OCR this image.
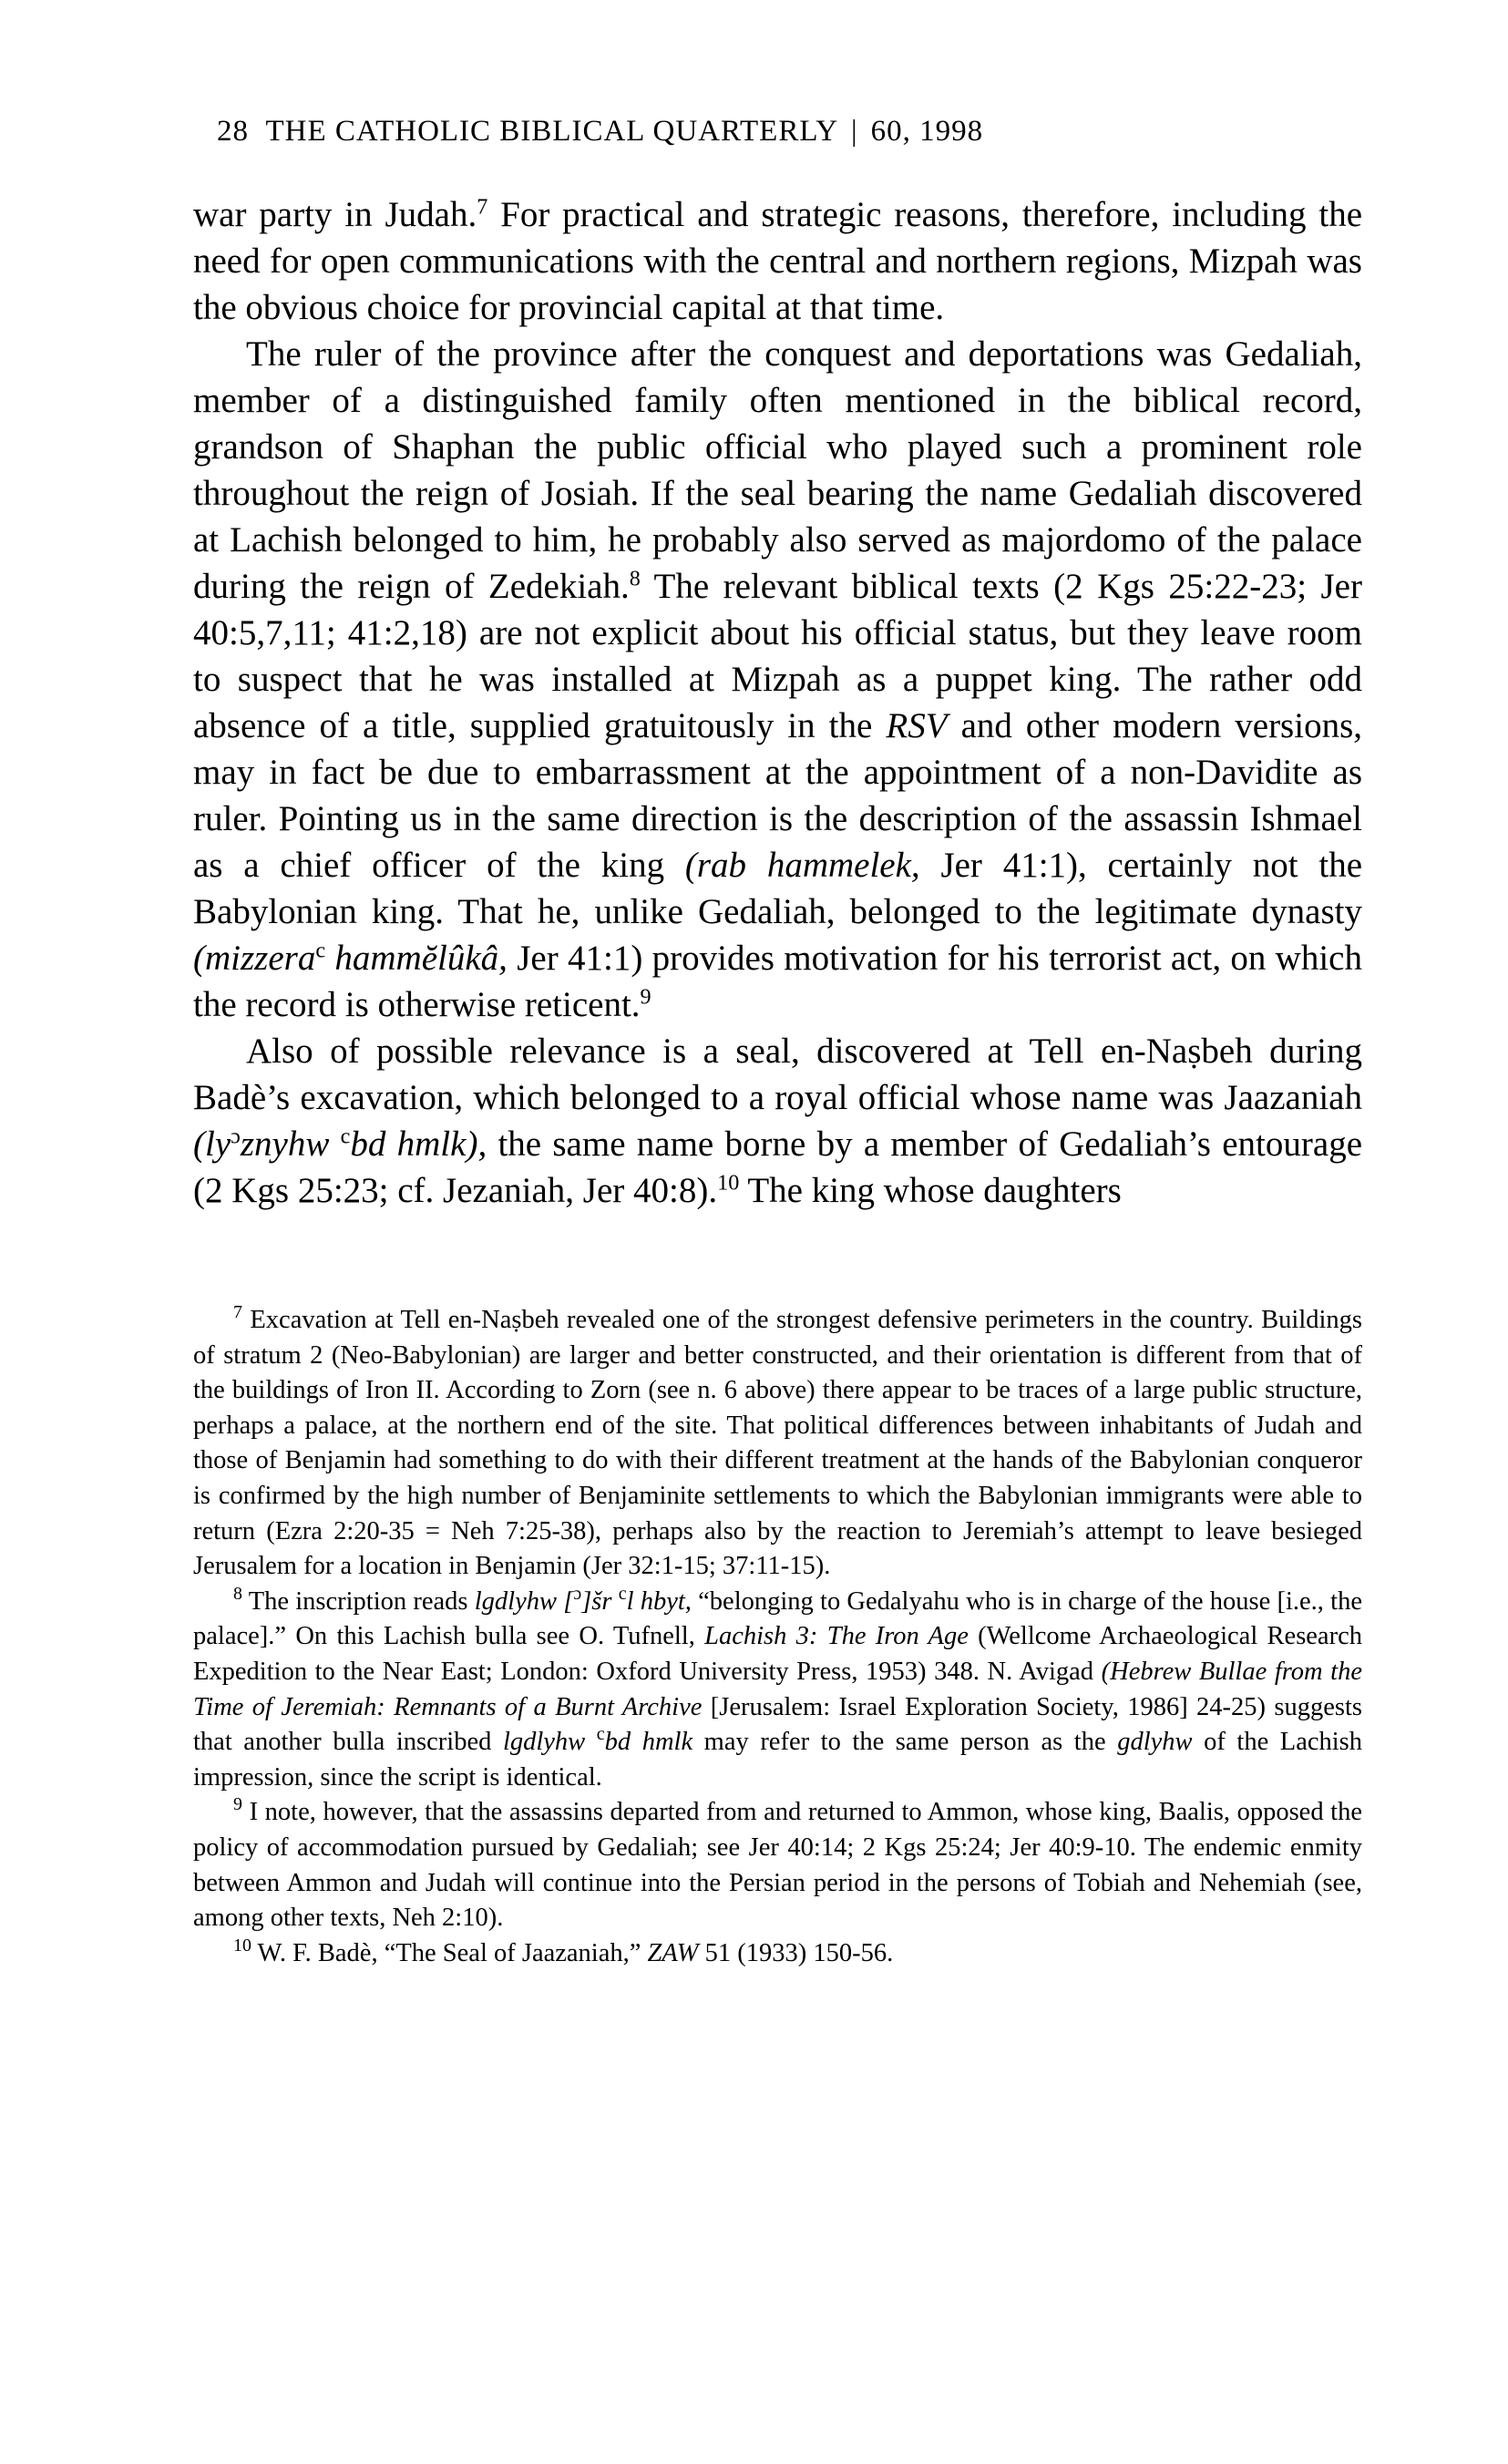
28 THE CATHOLIC BIBLICAL QUARTERLY | 60, 1998

war party in Judah.$^7$ For practical and strategic reasons, therefore, including the need for open communications with the central and northern regions, Mizpah was the obvious choice for provincial capital at that time.

The ruler of the province after the conquest and deportations was Gedaliah, member of a distinguished family often mentioned in the biblical record, grandson of Shaphan the public official who played such a prominent role throughout the reign of Josiah. If the seal bearing the name Gedaliah discovered at Lachish belonged to him, he probably also served as majordomo of the palace during the reign of Zedekiah.$^8$ The relevant biblical texts (2 Kgs 25:22-23; Jer 40:5,7,11; 41:2,18) are not explicit about his official status, but they leave room to suspect that he was installed at Mizpah as a puppet king. The rather odd absence of a title, supplied gratuitously in the RSV and other modern versions, may in fact be due to embarrassment at the appointment of a non-Davidite as ruler. Pointing us in the same direction is the description of the assassin Ishmael as a chief officer of the king (rab hammelek, Jer 41:1), certainly not the Babylonian king. That he, unlike Gedaliah, belonged to the legitimate dynasty (mizzera$^c$ hammĕlûkâ, Jer 41:1) provides motivation for his terrorist act, on which the record is otherwise reticent.$^9$

Also of possible relevance is a seal, discovered at Tell en-Naṣbeh during Badè’s excavation, which belonged to a royal official whose name was Jaazaniah ($ly^ɔznyhw$ $^c$bd hmlk), the same name borne by a member of Gedaliah’s entourage (2 Kgs 25:23; cf. Jezaniah, Jer 40:8).$^{10}$ The king whose daughters

$^7$ Excavation at Tell en-Naṣbeh revealed one of the strongest defensive perimeters in the country. Buildings of stratum 2 (Neo-Babylonian) are larger and better constructed, and their orientation is different from that of the buildings of Iron II. According to Zorn (see n. 6 above) there appear to be traces of a large public structure, perhaps a palace, at the northern end of the site. That political differences between inhabitants of Judah and those of Benjamin had something to do with their different treatment at the hands of the Babylonian conqueror is confirmed by the high number of Benjaminite settlements to which the Babylonian immigrants were able to return (Ezra 2:20-35 = Neh 7:25-38), perhaps also by the reaction to Jeremiah’s attempt to leave besieged Jerusalem for a location in Benjamin (Jer 32:1-15; 37:11-15).

$^8$ The inscription reads lgdlyhw [$^ɔ$]šr $^c$l hbyt, “belonging to Gedalyahu who is in charge of the house [i.e., the palace].” On this Lachish bulla see O. Tufnell, Lachish 3: The Iron Age (Wellcome Archaeological Research Expedition to the Near East; London: Oxford University Press, 1953) 348. N. Avigad (Hebrew Bullae from the Time of Jeremiah: Remnants of a Burnt Archive [Jerusalem: Israel Exploration Society, 1986] 24-25) suggests that another bulla inscribed lgdlyhw $^c$bd hmlk may refer to the same person as the gdlyhw of the Lachish impression, since the script is identical.

$^9$ I note, however, that the assassins departed from and returned to Ammon, whose king, Baalis, opposed the policy of accommodation pursued by Gedaliah; see Jer 40:14; 2 Kgs 25:24; Jer 40:9-10. The endemic enmity between Ammon and Judah will continue into the Persian period in the persons of Tobiah and Nehemiah (see, among other texts, Neh 2:10).

$^{10}$ W. F. Badè, “The Seal of Jaazaniah,” ZAW 51 (1933) 150-56.
